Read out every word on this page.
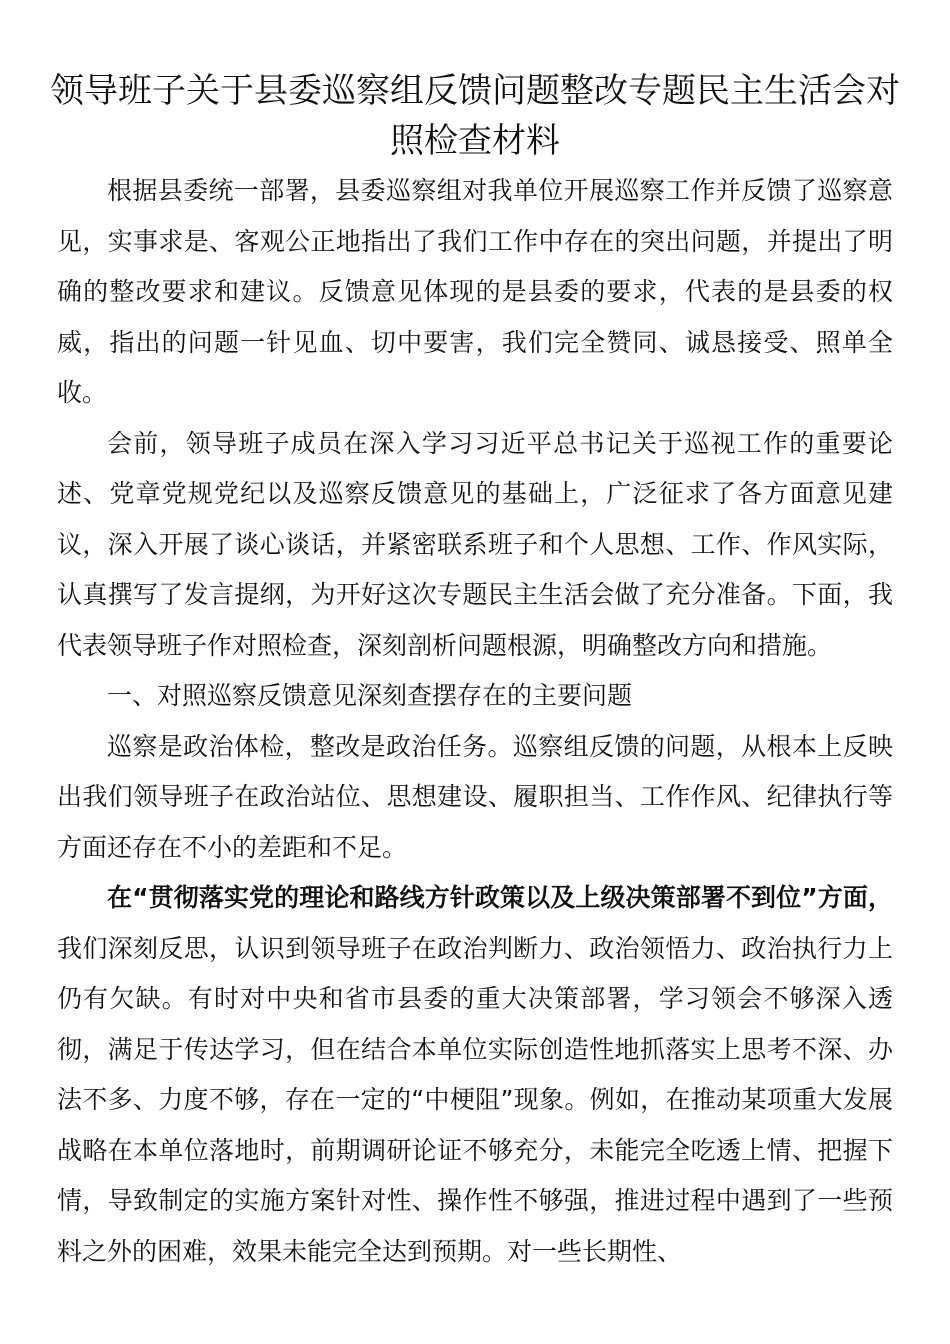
领导班子关于县委巡察组反馈问题整改专题民主生活会对照检查材料

根据县委统一部署，县委巡察组对我单位开展巡察工作并反馈了巡察意见，实事求是、客观公正地指出了我们工作中存在的突出问题，并提出了明确的整改要求和建议。反馈意见体现的是县委的要求，代表的是县委的权威，指出的问题一针见血、切中要害，我们完全赞同、诚恳接受、照单全收。

会前，领导班子成员在深入学习习近平总书记关于巡视工作的重要论述、党章党规党纪以及巡察反馈意见的基础上，广泛征求了各方面意见建议，深入开展了谈心谈话，并紧密联系班子和个人思想、工作、作风实际，认真撰写了发言提纲，为开好这次专题民主生活会做了充分准备。下面，我代表领导班子作对照检查，深刻剖析问题根源，明确整改方向和措施。

一、对照巡察反馈意见深刻查摆存在的主要问题

巡察是政治体检，整改是政治任务。巡察组反馈的问题，从根本上反映出我们领导班子在政治站位、思想建设、履职担当、工作作风、纪律执行等方面还存在不小的差距和不足。

在“贯彻落实党的理论和路线方针政策以及上级决策部署不到位”方面，我们深刻反思，认识到领导班子在政治判断力、政治领悟力、政治执行力上仍有欠缺。有时对中央和省市县委的重大决策部署，学习领会不够深入透彻，满足于传达学习，但在结合本单位实际创造性地抓落实上思考不深、办法不多、力度不够，存在一定的“中梗阻”现象。例如，在推动某项重大发展战略在本单位落地时，前期调研论证不够充分，未能完全吃透上情、把握下情，导致制定的实施方案针对性、操作性不够强，推进过程中遇到了一些预料之外的困难，效果未能完全达到预期。对一些长期性、
